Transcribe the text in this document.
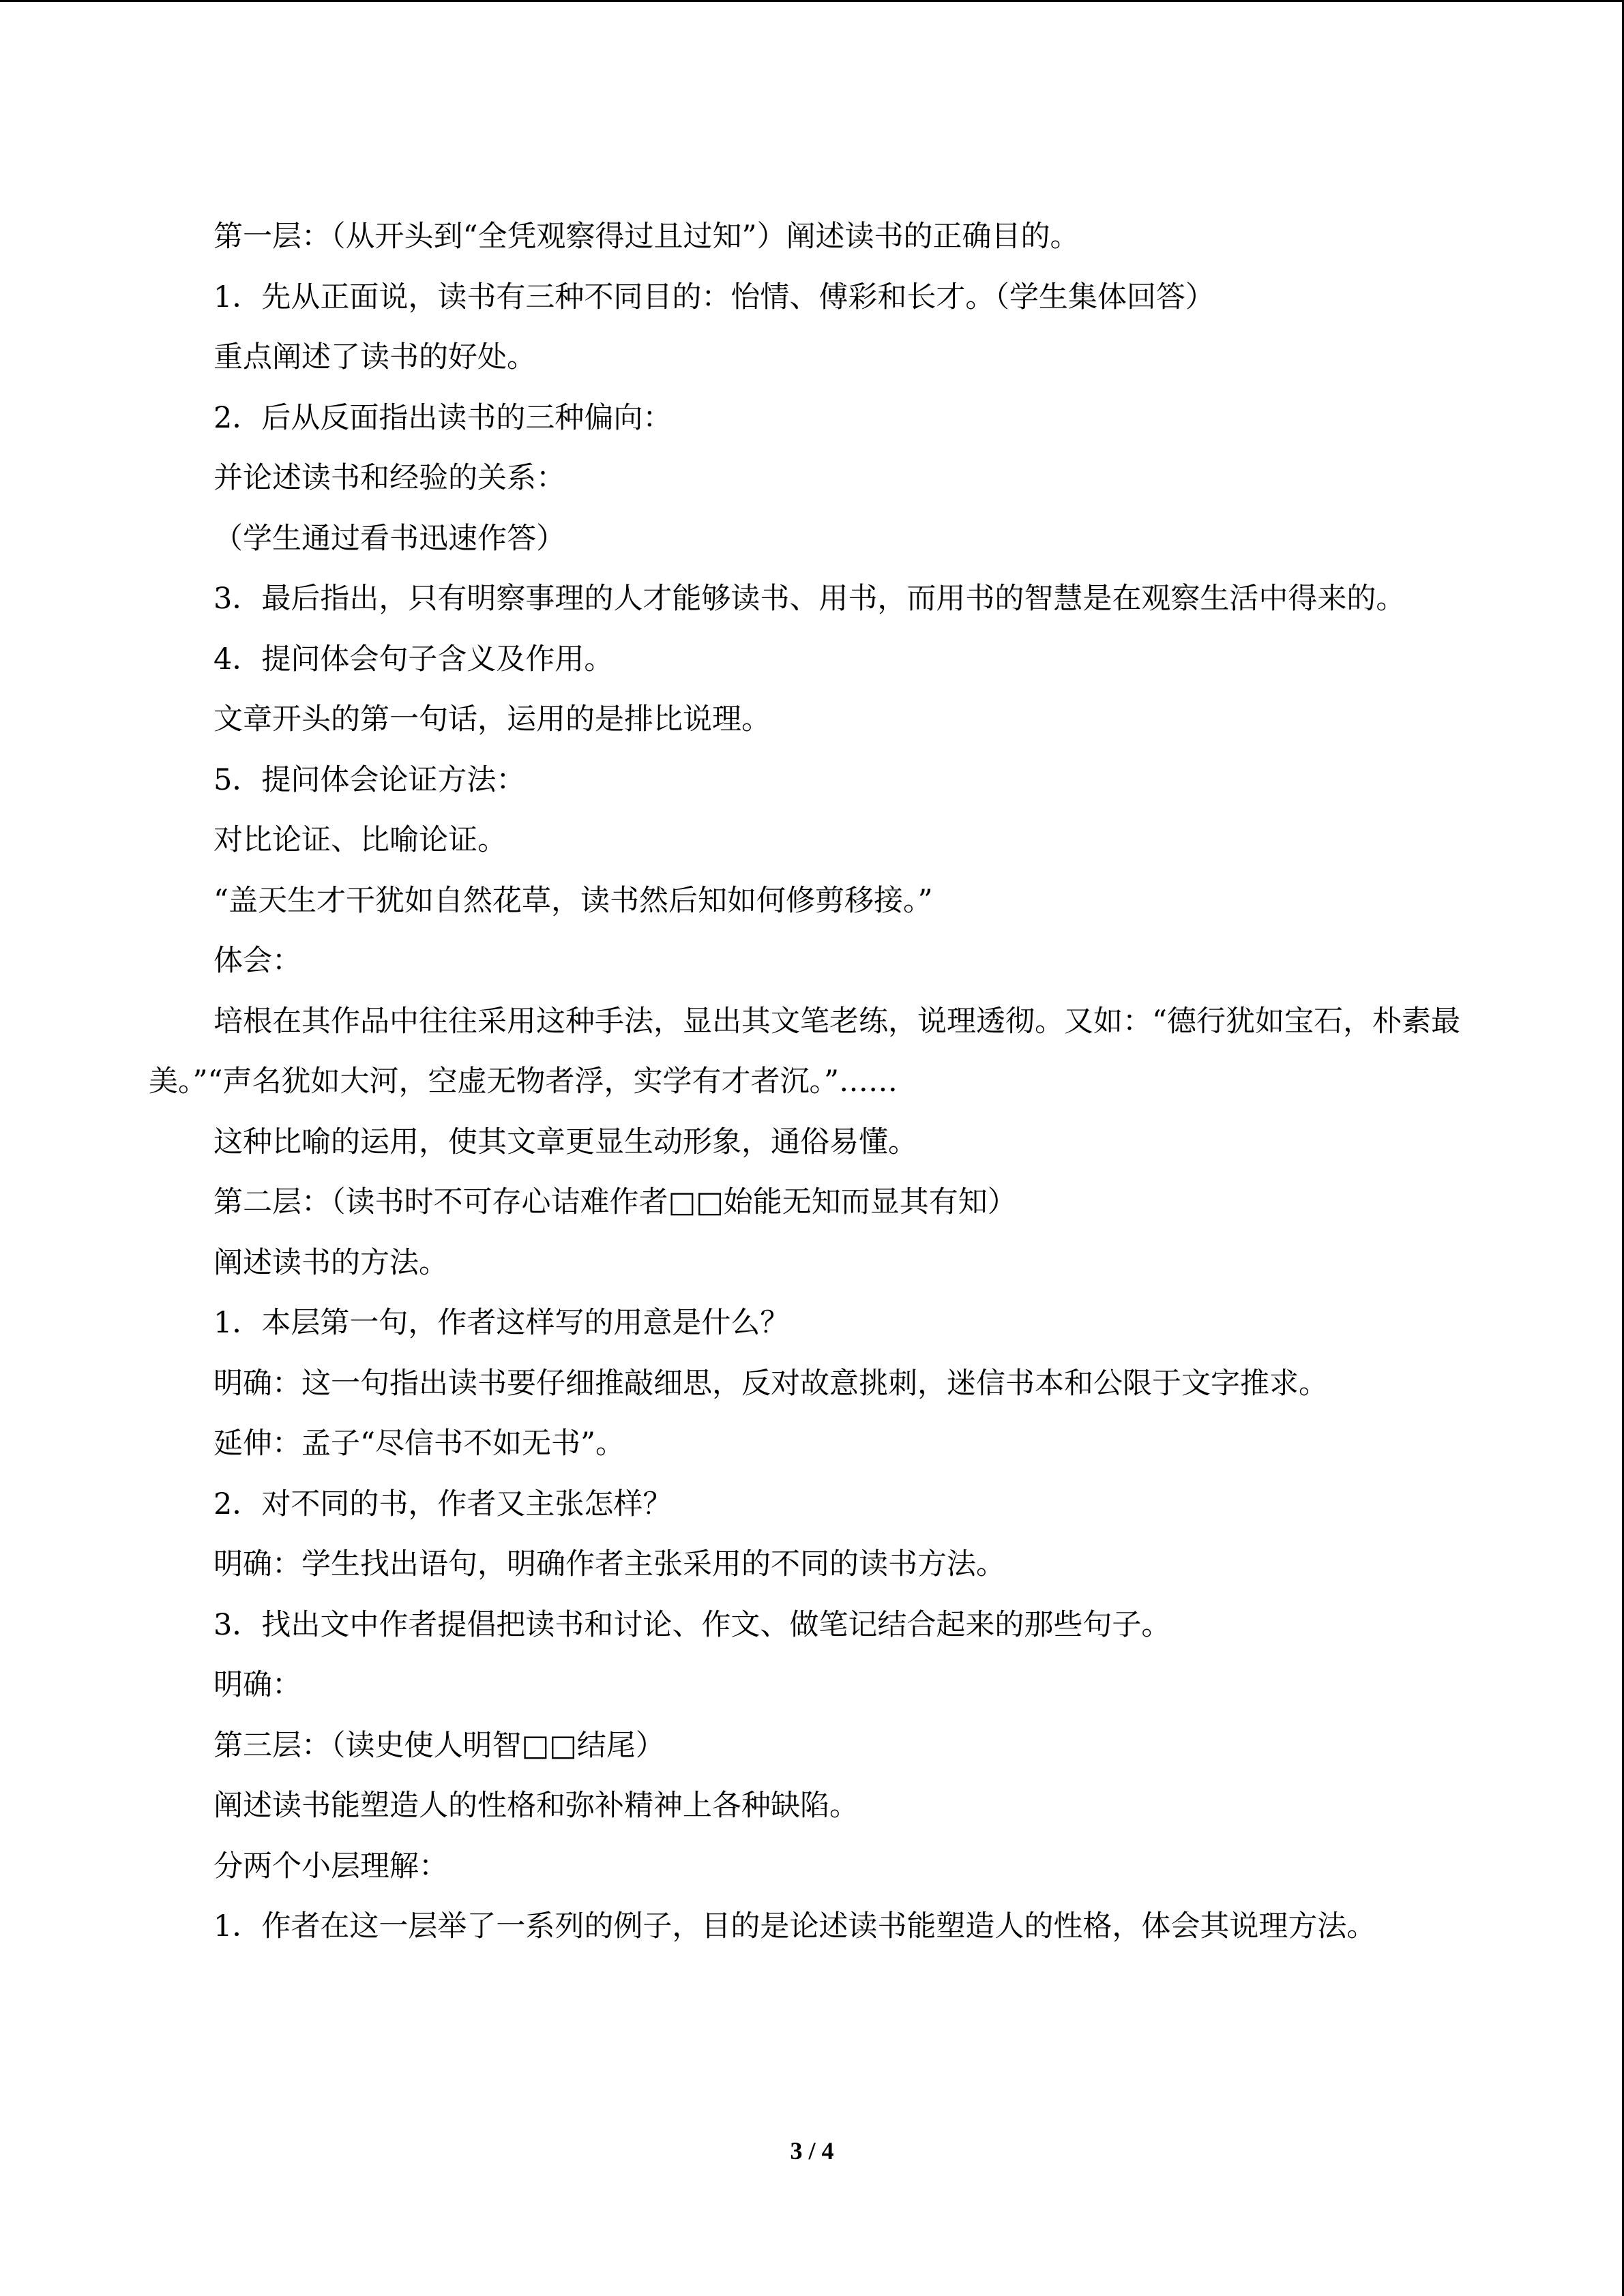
第一层：（从开头到“全凭观察得过且过知”）阐述读书的正确目的。

1．先从正面说，读书有三种不同目的：怡情、傅彩和长才。（学生集体回答）

重点阐述了读书的好处。

2．后从反面指出读书的三种偏向：

并论述读书和经验的关系：

（学生通过看书迅速作答）

3．最后指出，只有明察事理的人才能够读书、用书，而用书的智慧是在观察生活中得来的。

4．提问体会句子含义及作用。

文章开头的第一句话，运用的是排比说理。

5．提问体会论证方法：

对比论证、比喻论证。

“盖天生才干犹如自然花草，读书然后知如何修剪移接。”

体会：

培根在其作品中往往采用这种手法，显出其文笔老练，说理透彻。又如：“德行犹如宝石，朴素最美。”“声名犹如大河，空虚无物者浮，实学有才者沉。”……

这种比喻的运用，使其文章更显生动形象，通俗易懂。

第二层：（读书时不可存心诘难作者□□始能无知而显其有知）

阐述读书的方法。

1．本层第一句，作者这样写的用意是什么？

明确：这一句指出读书要仔细推敲细思，反对故意挑刺，迷信书本和公限于文字推求。

延伸：孟子“尽信书不如无书”。

2．对不同的书，作者又主张怎样？

明确：学生找出语句，明确作者主张采用的不同的读书方法。

3．找出文中作者提倡把读书和讨论、作文、做笔记结合起来的那些句子。

明确：

第三层：（读史使人明智□□结尾）

阐述读书能塑造人的性格和弥补精神上各种缺陷。

分两个小层理解：

1．作者在这一层举了一系列的例子，目的是论述读书能塑造人的性格，体会其说理方法。

3 / 4
